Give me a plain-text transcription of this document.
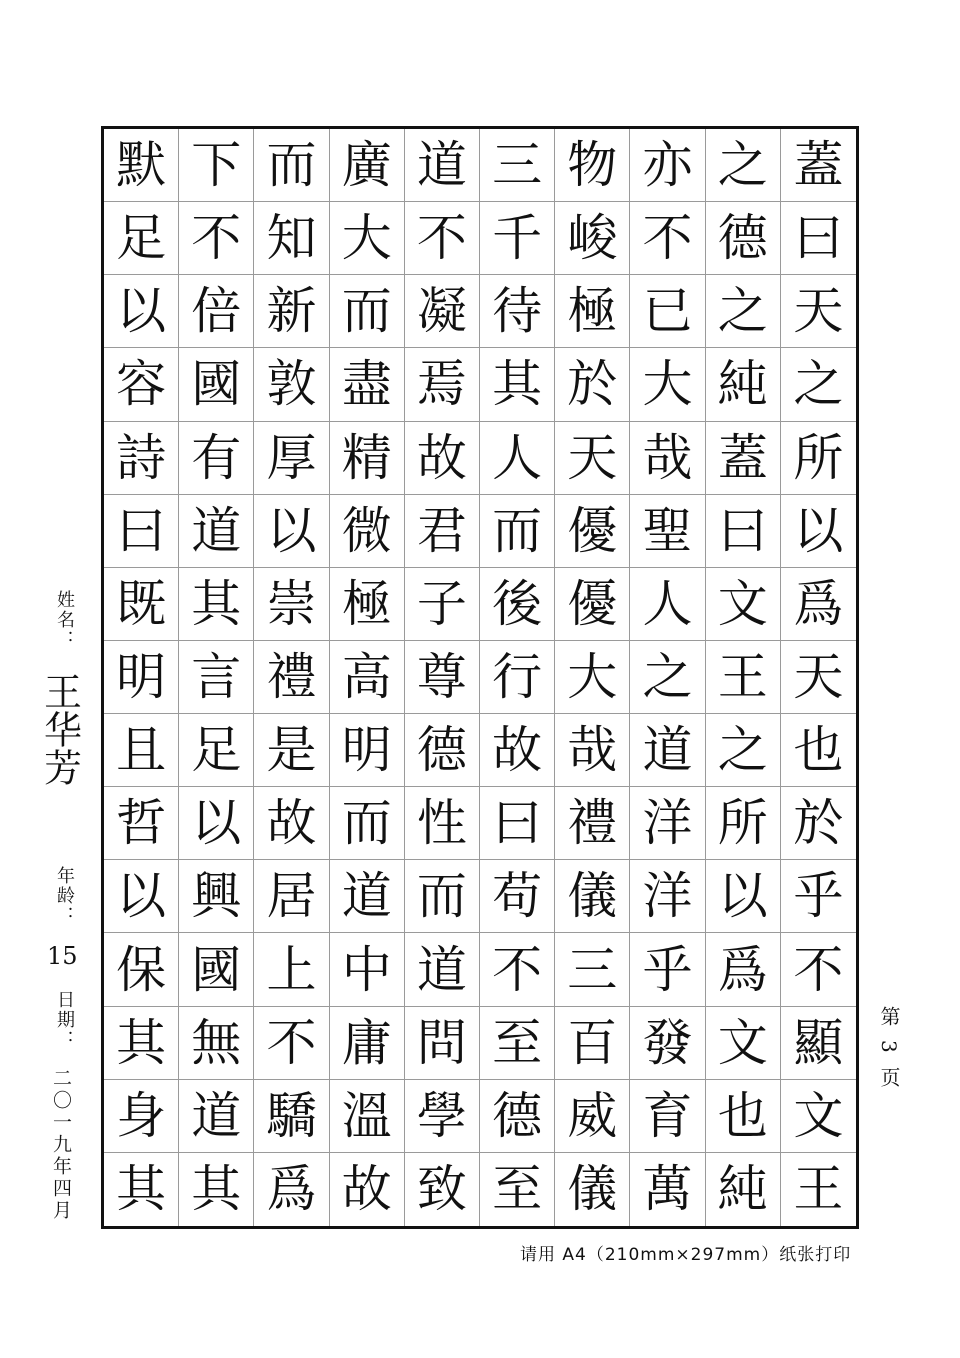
默 下 而 廣 道 三 物 亦 之 蓋
足 不 知 大 不 千 峻 不 德 曰
以 倍 新 而 凝 待 極 已 之 天
容 國 敦 盡 焉 其 於 大 純 之
詩 有 厚 精 故 人 天 哉 蓋 所
曰 道 以 微 君 而 優 聖 曰 以
既 其 崇 極 子 後 優 人 文 爲
明 言 禮 高 尊 行 大 之 王 天
且 足 是 明 德 故 哉 道 之 也
哲 以 故 而 性 曰 禮 洋 所 於
以 興 居 道 而 苟 儀 洋 以 乎
保 國 上 中 道 不 三 乎 爲 不
其 無 不 庸 問 至 百 發 文 顯
身 道 驕 溫 學 德 威 育 也 文
其 其 爲 故 致 至 儀 萬 純 王
姓名：
王华芳
年龄：
15
日期：
二〇一九年四月
第3页
请用 A4（210mm×297mm）纸张打印
